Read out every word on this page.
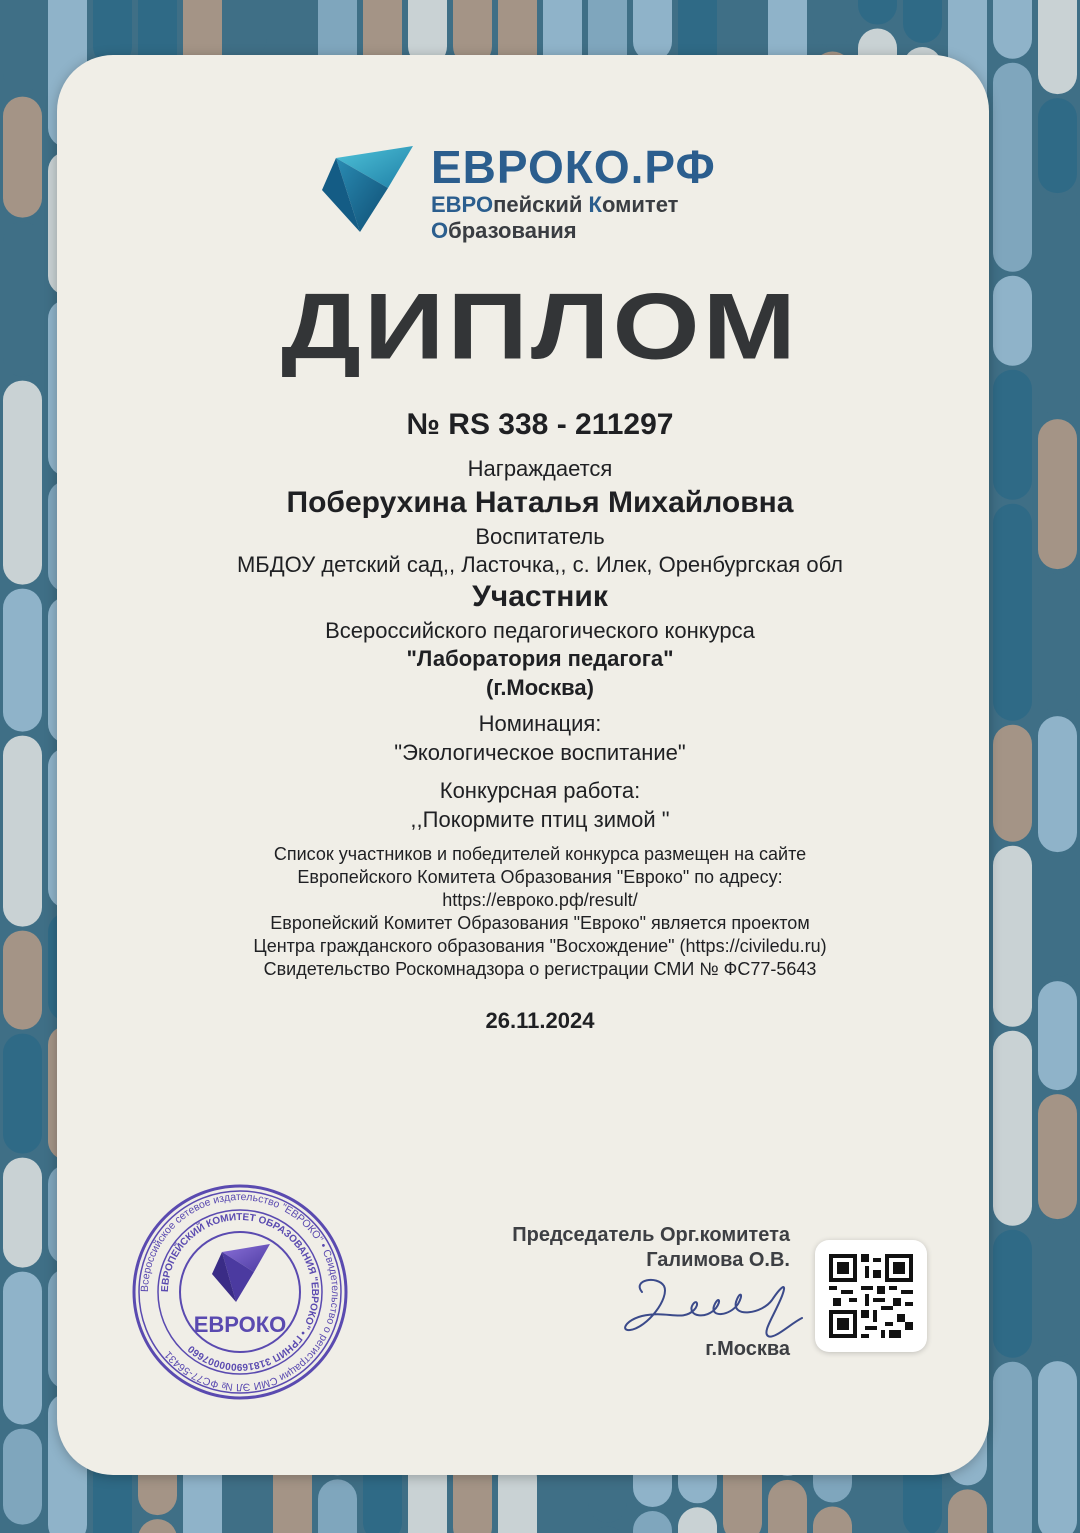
ЕВРОКО.РФ
ЕВРОпейский Комитет
Образования
ДИПЛОМ
№ RS 338 - 211297
Награждается
Поберухина Наталья Михайловна
Воспитатель
МБДОУ детский сад,, Ласточка,, с. Илек, Оренбургская обл
Участник
Всероссийского педагогического конкурса
"Лаборатория педагога"
(г.Москва)
Номинация:
"Экологическое воспитание"
Конкурсная работа:
,,Покормите птиц зимой "
Список участников и победителей конкурса размещен на сайте
Европейского Комитета Образования "Евроко" по адресу:
https://евроко.рф/result/
Европейский Комитет Образования "Евроко" является проектом
Центра гражданского образования "Восхождение" (https://civiledu.ru)
Свидетельство Роскомнадзора о регистрации СМИ № ФС77-5643
26.11.2024
Всероссийское сетевое издательство "ЕВРОКО" • Свидетельство о регистрации СМИ ЭЛ № ФС77-56431
ЕВРОПЕЙСКИЙ КОМИТЕТ ОБРАЗОВАНИЯ "ЕВРОКО" • ГРНИП 318169000007660
ЕВРОКО
Председатель Орг.комитета
Галимова О.В.
г.Москва
